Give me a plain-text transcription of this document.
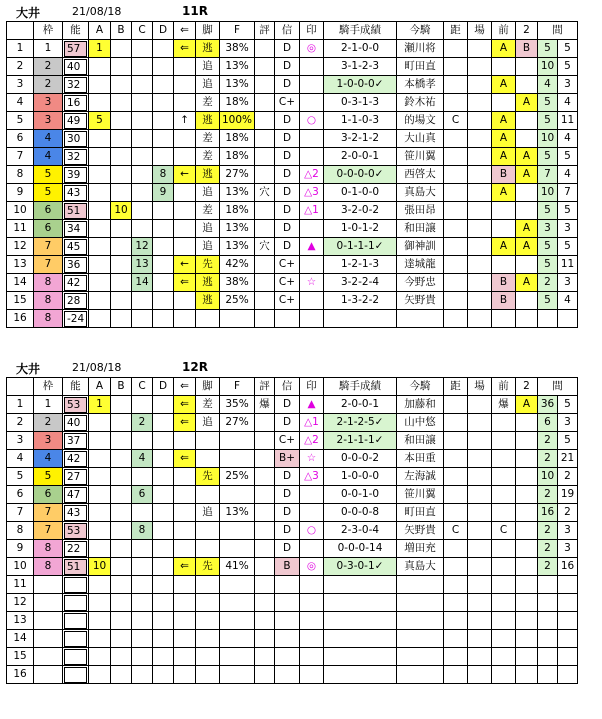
大井	21/08/18	11R
	枠	能	A	B	C	D	⇐	脚	F	評	信	印	騎手成績	今騎	距	場	前	2	間	
1	1	57	1				⇐	逃	38%		D	◎	2-1-0-0	瀬川将			A	B	5	5
2	2	40						追	13%		D		3-1-2-3	町田直					10	5
3	2	32						追	13%		D		1-0-0-0✓	本橋孝			A		4	3
4	3	16						差	18%		C+		0-3-1-3	鈴木祐				A	5	4
5	3	49	5				↑	逃	100%		D	○	1-1-0-3	的場文	C		A		5	11
6	4	30						差	18%		D		3-2-1-2	大山真			A		10	4
7	4	32						差	18%		D		2-0-0-1	笹川翼			A	A	5	5
8	5	39				8	←	逃	27%		D	△2	0-0-0-0✓	西啓太			B	A	7	4
9	5	43				9		追	13%	穴	D	△3	0-1-0-0	真島大			A		10	7
10	6	51		10				差	18%		D	△1	3-2-0-2	張田昂					5	5
11	6	34						追	13%		D		1-0-1-2	和田譲				A	3	3
12	7	45			12			追	13%	穴	D	▲	0-1-1-1✓	御神訓			A	A	5	5
13	7	36			13		←	先	42%		C+		1-2-1-3	達城龍					5	11
14	8	42			14		⇐	逃	38%		C+	☆	3-2-2-4	今野忠			B	A	2	3
15	8	28						逃	25%		C+		1-3-2-2	矢野貴			B		5	4
16	8	-24																		

大井	21/08/18	12R
	枠	能	A	B	C	D	⇐	脚	F	評	信	印	騎手成績	今騎	距	場	前	2	間	
1	1	53	1				⇐	差	35%	爆	D	▲	2-0-0-1	加藤和			爆	A	36	5
2	2	40			2		⇐	追	27%		D	△1	2-1-2-5✓	山中悠					6	3
3	3	37									C+	△2	2-1-1-1✓	和田譲					2	5
4	4	42			4		⇐				B+	☆	0-0-0-2	本田重					2	21
5	5	27						先	25%		D	△3	1-0-0-0	左海誠					10	2
6	6	47			6						D		0-0-1-0	笹川翼					2	19
7	7	43						追	13%		D		0-0-0-8	町田直					16	2
8	7	53			8						D	○	2-3-0-4	矢野貴	C		C		2	3
9	8	22									D		0-0-0-14	増田充					2	3
10	8	51	10				⇐	先	41%		B	◎	0-3-0-1✓	真島大					2	16
11		

12		

13		

14		

15		

16		
